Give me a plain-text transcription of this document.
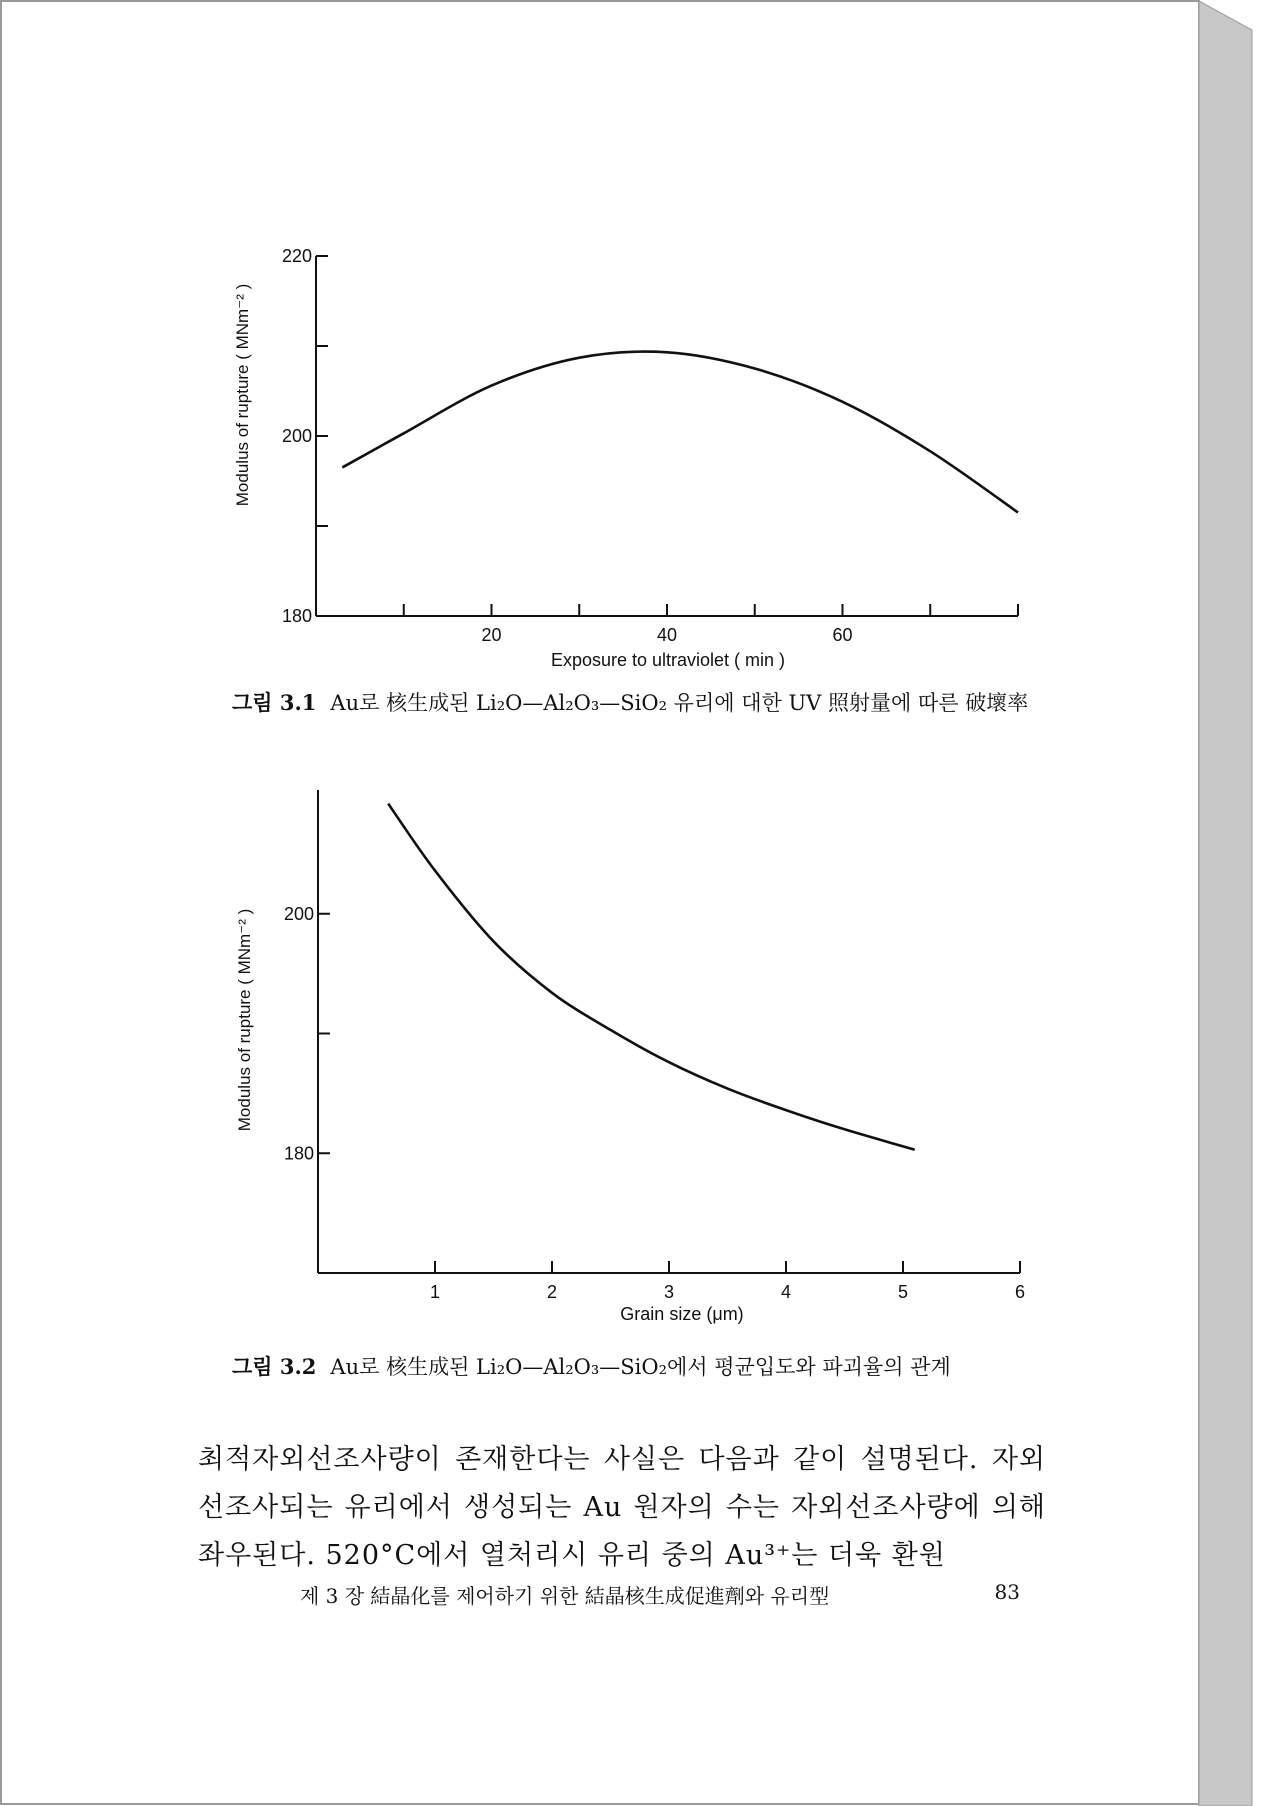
180
200
220
20	40	60
Exposure to ultraviolet ( min )
Modulus of rupture ( MNm⁻² )
그림 3.1 Au로 核生成된 Li₂O—Al₂O₃—SiO₂ 유리에 대한 UV 照射量에 따른 破壞率
180
200
1	2	3	4	5	6
Grain size (μm)
Modulus of rupture ( MNm⁻² )
그림 3.2 Au로 核生成된 Li₂O—Al₂O₃—SiO₂에서 평균입도와 파괴율의 관계
최적자외선조사량이 존재한다는 사실은 다음과 같이 설명된다. 자외선조사되는 유리에서 생성되는 Au 원자의 수는 자외선조사량에 의해 좌우된다. 520°C에서 열처리시 유리 중의 Au³⁺는 더욱 환원
제 3 장 結晶化를 제어하기 위한 結晶核生成促進劑와 유리型	83
